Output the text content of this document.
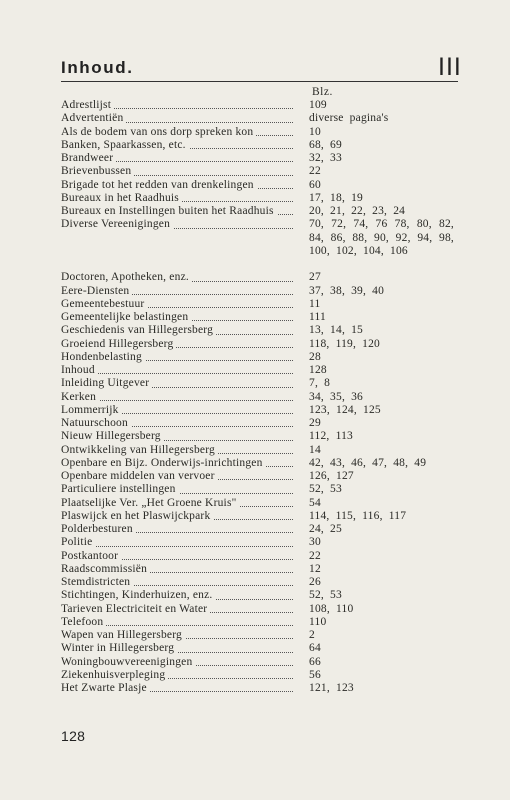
Inhoud.	III
Blz.
Adrestlijst	109
Advertentiën	diverse pagina's
Als de bodem van ons dorp spreken kon	10
Banken, Spaarkassen, etc.	68, 69
Brandweer	32, 33
Brievenbussen	22
Brigade tot het redden van drenkelingen	60
Bureaux in het Raadhuis	17, 18, 19
Bureaux en Instellingen buiten het Raadhuis	20, 21, 22, 23, 24
Diverse Vereenigingen	70, 72, 74, 76 78, 80, 82,
84, 86, 88, 90, 92, 94, 98,
100, 102, 104, 106
Doctoren, Apotheken, enz.	27
Eere-Diensten	37, 38, 39, 40
Gemeentebestuur	11
Gemeentelijke belastingen	111
Geschiedenis van Hillegersberg	13, 14, 15
Groeiend Hillegersberg	118, 119, 120
Hondenbelasting	28
Inhoud	128
Inleiding Uitgever	7, 8
Kerken	34, 35, 36
Lommerrijk	123, 124, 125
Natuurschoon	29
Nieuw Hillegersberg	112, 113
Ontwikkeling van Hillegersberg	14
Openbare en Bijz. Onderwijs-inrichtingen	42, 43, 46, 47, 48, 49
Openbare middelen van vervoer	126, 127
Particuliere instellingen	52, 53
Plaatselijke Ver. „Het Groene Kruis"	54
Plaswijck en het Plaswijckpark	114, 115, 116, 117
Polderbesturen	24, 25
Politie	30
Postkantoor	22
Raadscommissiën	12
Stemdistricten	26
Stichtingen, Kinderhuizen, enz.	52, 53
Tarieven Electriciteit en Water	108, 110
Telefoon	110
Wapen van Hillegersberg	2
Winter in Hillegersberg	64
Woningbouwvereenigingen	66
Ziekenhuisverpleging	56
Het Zwarte Plasje	121, 123
128
